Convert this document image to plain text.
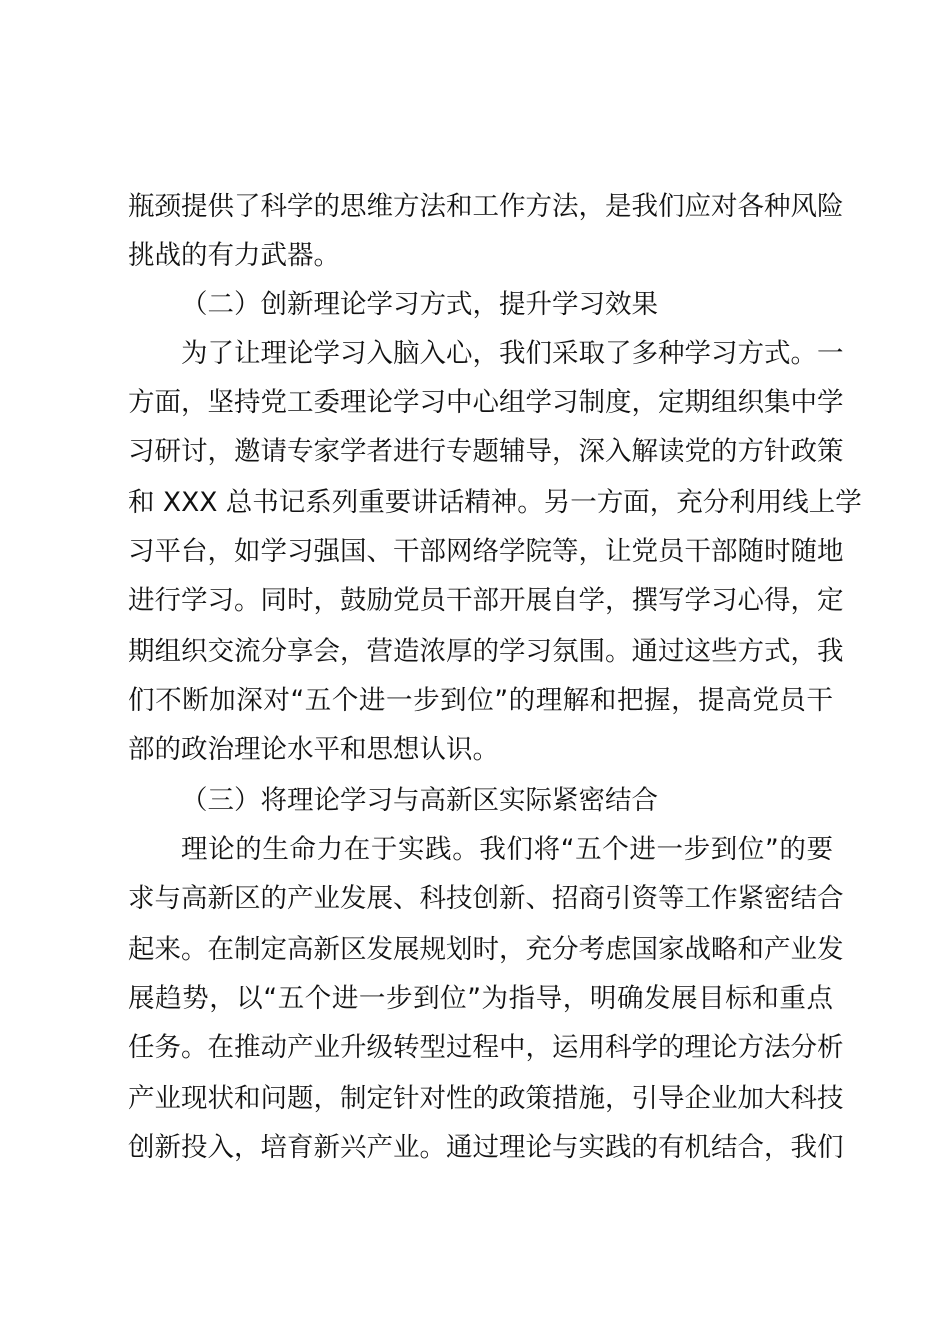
瓶颈提供了科学的思维方法和工作方法，是我们应对各种风险
挑战的有力武器。
（二）创新理论学习方式，提升学习效果
为了让理论学习入脑入心，我们采取了多种学习方式。一
方面，坚持党工委理论学习中心组学习制度，定期组织集中学
习研讨，邀请专家学者进行专题辅导，深入解读党的方针政策
和 XXX 总书记系列重要讲话精神。另一方面，充分利用线上学
习平台，如学习强国、干部网络学院等，让党员干部随时随地
进行学习。同时，鼓励党员干部开展自学，撰写学习心得，定
期组织交流分享会，营造浓厚的学习氛围。通过这些方式，我
们不断加深对“五个进一步到位”的理解和把握，提高党员干
部的政治理论水平和思想认识。
（三）将理论学习与高新区实际紧密结合
理论的生命力在于实践。我们将“五个进一步到位”的要
求与高新区的产业发展、科技创新、招商引资等工作紧密结合
起来。在制定高新区发展规划时，充分考虑国家战略和产业发
展趋势，以“五个进一步到位”为指导，明确发展目标和重点
任务。在推动产业升级转型过程中，运用科学的理论方法分析
产业现状和问题，制定针对性的政策措施，引导企业加大科技
创新投入，培育新兴产业。通过理论与实践的有机结合，我们
